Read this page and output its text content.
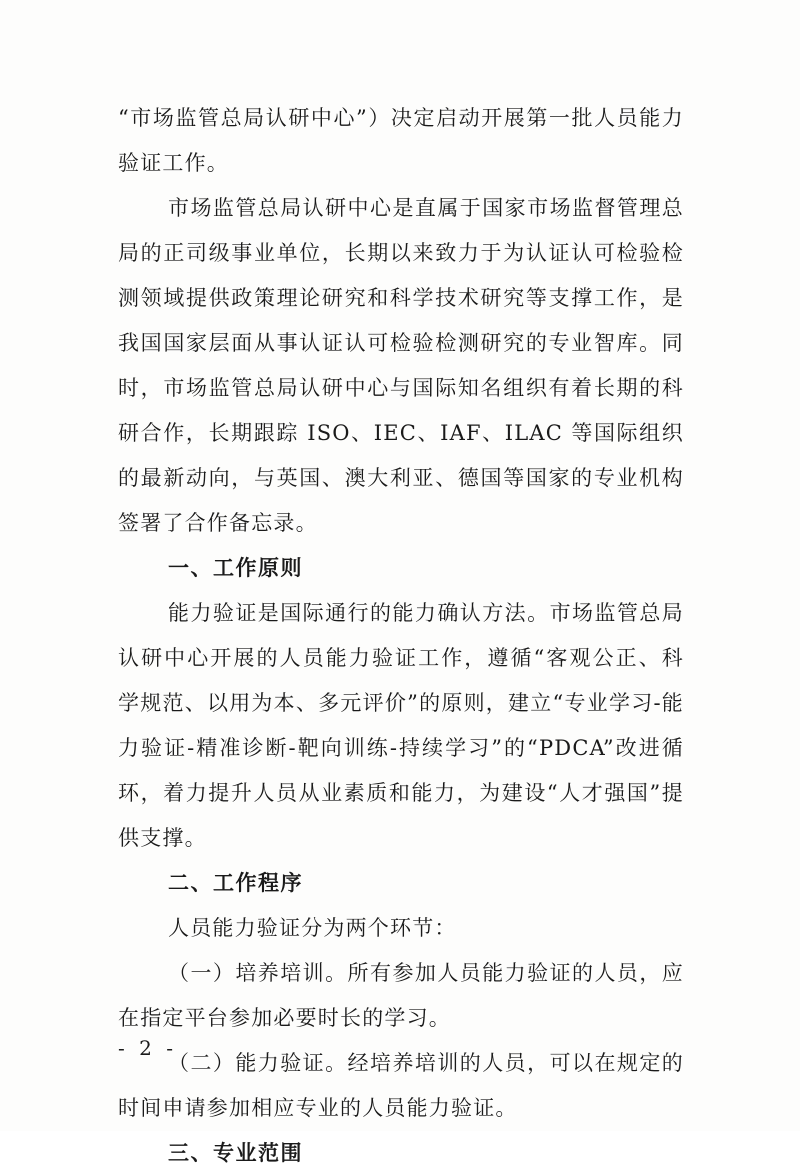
“市场监管总局认研中心”）决定启动开展第一批人员能力验证工作。

市场监管总局认研中心是直属于国家市场监督管理总局的正司级事业单位，长期以来致力于为认证认可检验检测领域提供政策理论研究和科学技术研究等支撑工作，是我国国家层面从事认证认可检验检测研究的专业智库。同时，市场监管总局认研中心与国际知名组织有着长期的科研合作，长期跟踪 ISO、IEC、IAF、ILAC 等国际组织的最新动向，与英国、澳大利亚、德国等国家的专业机构签署了合作备忘录。

一、工作原则

能力验证是国际通行的能力确认方法。市场监管总局认研中心开展的人员能力验证工作，遵循“客观公正、科学规范、以用为本、多元评价”的原则，建立“专业学习-能力验证-精准诊断-靶向训练-持续学习”的“PDCA”改进循环，着力提升人员从业素质和能力，为建设“人才强国”提供支撑。

二、工作程序

人员能力验证分为两个环节：

（一）培养培训。所有参加人员能力验证的人员，应在指定平台参加必要时长的学习。

（二）能力验证。经培养培训的人员，可以在规定的时间申请参加相应专业的人员能力验证。

三、专业范围

- 2 -
